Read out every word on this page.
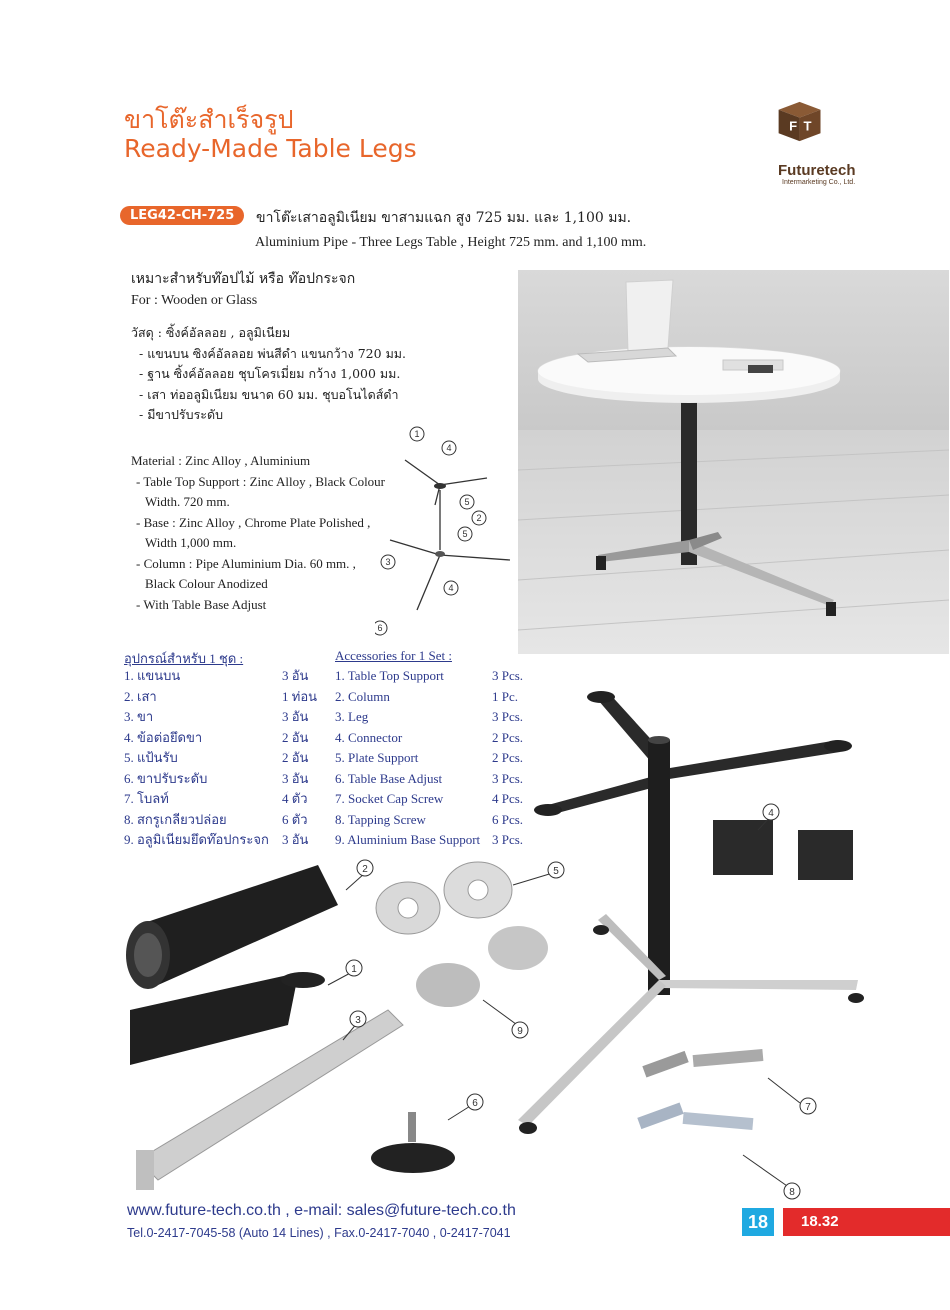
ขาโต๊ะสำเร็จรูป
Ready-Made Table Legs
F T
Futuretech
Intermarketing Co., Ltd.
LEG42-CH-725	ขาโต๊ะเสาอลูมิเนียม ขาสามแฉก สูง 725 มม. และ 1,100 มม.
Aluminium Pipe - Three Legs Table , Height 725 mm. and 1,100 mm.
เหมาะสำหรับท๊อปไม้ หรือ ท๊อปกระจก
For : Wooden or Glass
วัสดุ : ซิ้งค์อัลลอย , อลูมิเนียม
- แขนบน ซิงค์อัลลอย พ่นสีดำ แขนกว้าง 720 มม.
- ฐาน ซิ้งค์อัลลอย ชุบโครเมี่ยม กว้าง 1,000 มม.
- เสา ท่ออลูมิเนียม ขนาด 60 มม. ชุบอโนไดส์ดำ
- มีขาปรับระดับ
Material : Zinc Alloy , Aluminium
- Table Top Support : Zinc Alloy , Black Colour
Width. 720 mm.
- Base : Zinc Alloy , Chrome Plate Polished ,
Width 1,000 mm.
- Column : Pipe Aluminium Dia. 60 mm. ,
Black Colour Anodized
- With Table Base Adjust
1
4
5
2
5
3
4
6
2	5
4
1
3
9
6	7
8
อุปกรณ์สำหรับ 1 ชุด :
1. แขนบน	3 อัน
2. เสา	1 ท่อน
3. ขา	3 อัน
4. ข้อต่อยึดขา	2 อัน
5. แป้นรับ	2 อัน
6. ขาปรับระดับ	3 อัน
7. โบลท์	4 ตัว
8. สกรูเกลียวปล่อย	6 ตัว
9. อลูมิเนียมยึดท๊อปกระจก 3 อัน
Accessories for 1 Set :
1. Table Top Support	3 Pcs.
2. Column	1 Pc.
3. Leg	3 Pcs.
4. Connector	2 Pcs.
5. Plate Support	2 Pcs.
6. Table Base Adjust	3 Pcs.
7. Socket Cap Screw	4 Pcs.
8. Tapping Screw	6 Pcs.
9. Aluminium Base Support 3 Pcs.
www.future-tech.co.th , e-mail: sales@future-tech.co.th
Tel.0-2417-7045-58 (Auto 14 Lines) , Fax.0-2417-7040 , 0-2417-7041
18	18.32
